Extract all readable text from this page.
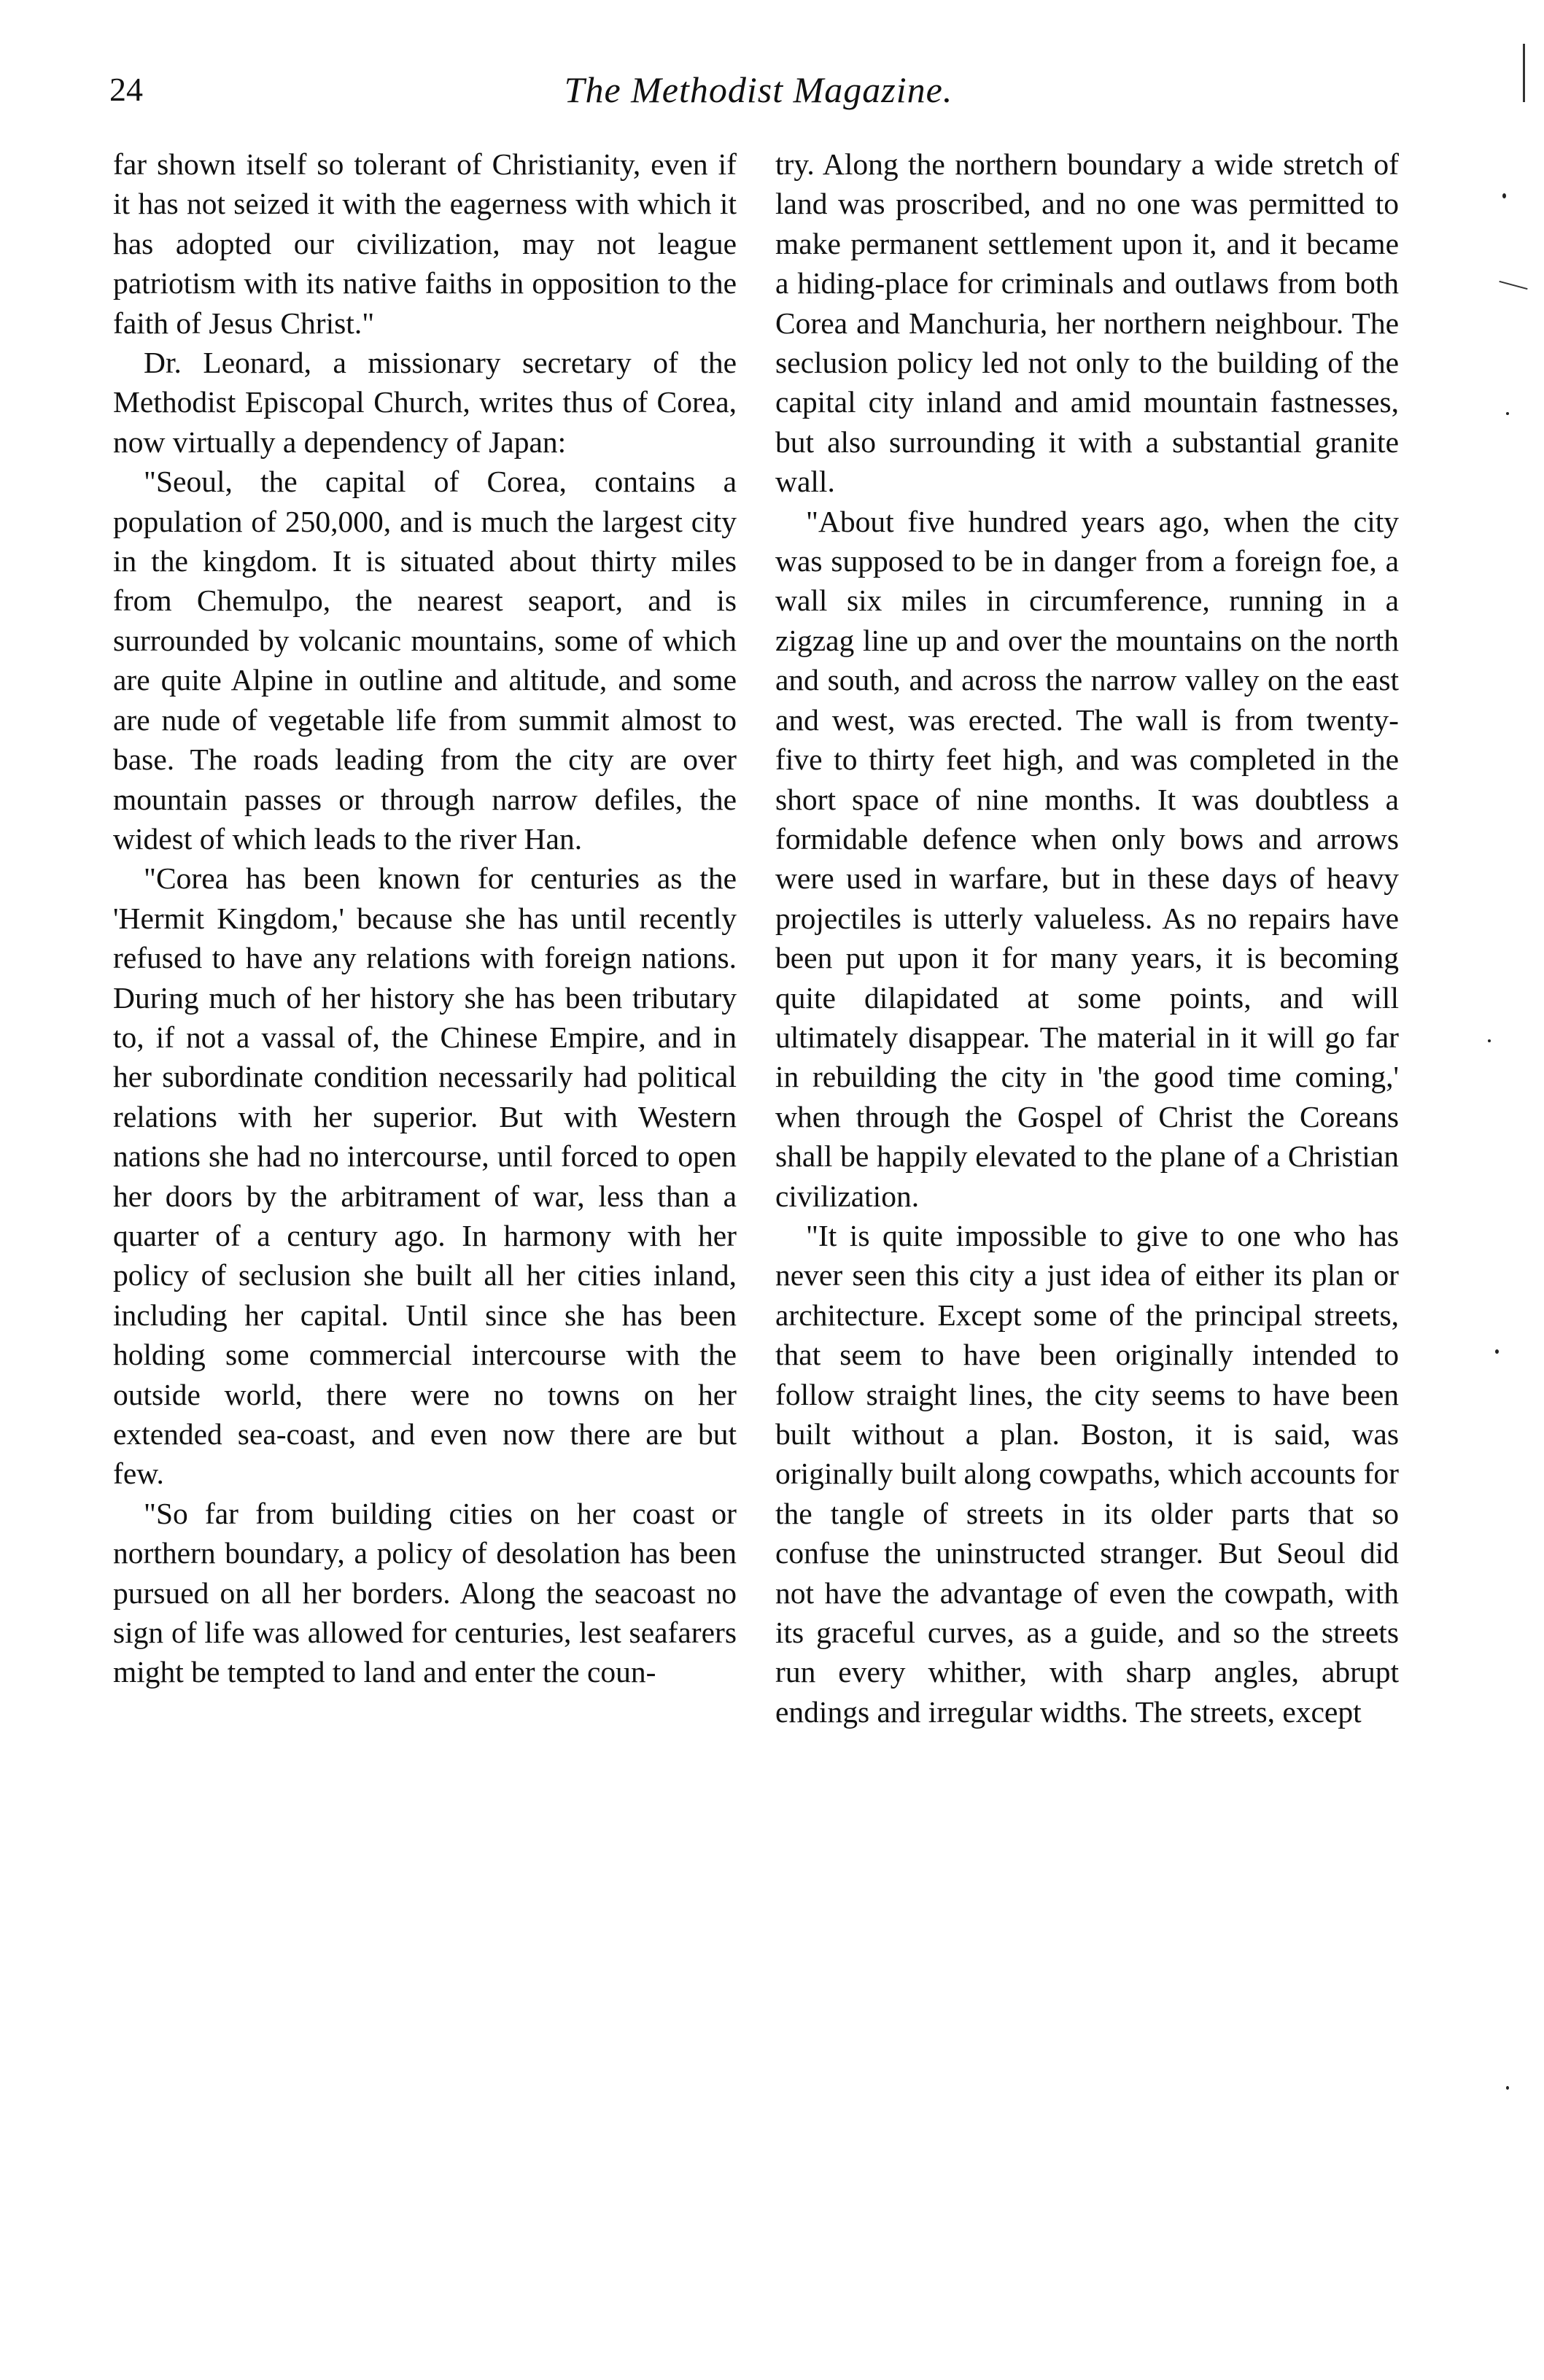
24	The Methodist Magazine.

far shown itself so tolerant of Christianity, even if it has not seized it with the eagerness with which it has adopted our civilization, may not league patriotism with its native faiths in opposition to the faith of Jesus Christ."

Dr. Leonard, a missionary secretary of the Methodist Episcopal Church, writes thus of Corea, now virtually a dependency of Japan:

"Seoul, the capital of Corea, contains a population of 250,000, and is much the largest city in the kingdom. It is situated about thirty miles from Chemulpo, the nearest seaport, and is surrounded by volcanic mountains, some of which are quite Alpine in outline and altitude, and some are nude of vegetable life from summit almost to base. The roads leading from the city are over mountain passes or through narrow defiles, the widest of which leads to the river Han.

"Corea has been known for centuries as the 'Hermit Kingdom,' because she has until recently refused to have any relations with foreign nations. During much of her history she has been tributary to, if not a vassal of, the Chinese Empire, and in her subordinate condition necessarily had political relations with her superior. But with Western nations she had no intercourse, until forced to open her doors by the arbitrament of war, less than a quarter of a century ago. In harmony with her policy of seclusion she built all her cities inland, including her capital. Until since she has been holding some commercial intercourse with the outside world, there were no towns on her extended sea-coast, and even now there are but few.

"So far from building cities on her coast or northern boundary, a policy of desolation has been pursued on all her borders. Along the seacoast no sign of life was allowed for centuries, lest seafarers might be tempted to land and enter the coun-

try. Along the northern boundary a wide stretch of land was proscribed, and no one was permitted to make permanent settlement upon it, and it became a hiding-place for criminals and outlaws from both Corea and Manchuria, her northern neighbour. The seclusion policy led not only to the building of the capital city inland and amid mountain fastnesses, but also surrounding it with a substantial granite wall.

"About five hundred years ago, when the city was supposed to be in danger from a foreign foe, a wall six miles in circumference, running in a zigzag line up and over the mountains on the north and south, and across the narrow valley on the east and west, was erected. The wall is from twenty-five to thirty feet high, and was completed in the short space of nine months. It was doubtless a formidable defence when only bows and arrows were used in warfare, but in these days of heavy projectiles is utterly valueless. As no repairs have been put upon it for many years, it is becoming quite dilapidated at some points, and will ultimately disappear. The material in it will go far in rebuilding the city in 'the good time coming,' when through the Gospel of Christ the Coreans shall be happily elevated to the plane of a Christian civilization.

"It is quite impossible to give to one who has never seen this city a just idea of either its plan or architecture. Except some of the principal streets, that seem to have been originally intended to follow straight lines, the city seems to have been built without a plan. Boston, it is said, was originally built along cowpaths, which accounts for the tangle of streets in its older parts that so confuse the uninstructed stranger. But Seoul did not have the advantage of even the cowpath, with its graceful curves, as a guide, and so the streets run every whither, with sharp angles, abrupt endings and irregular widths. The streets, except
